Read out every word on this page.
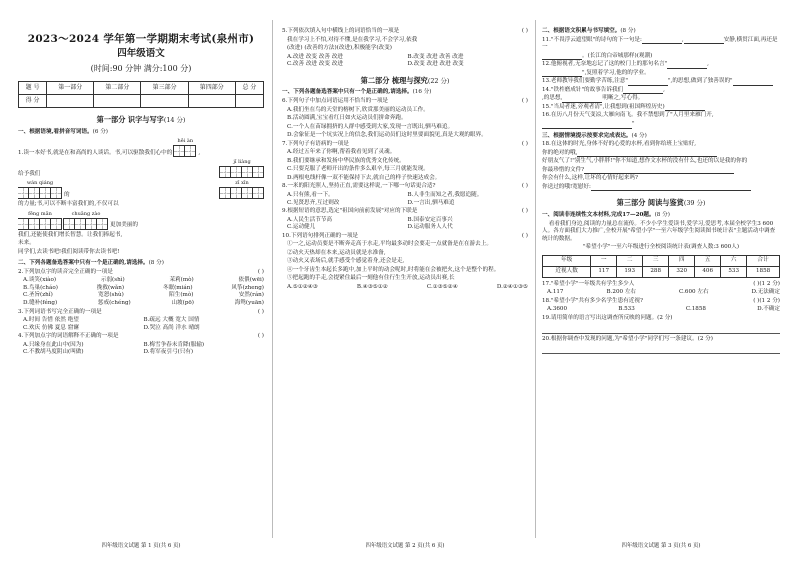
2023～2024 学年第一学期期末考试(泉州市)
四年级语文
(时间:90 分钟 满分:100 分)
题 号	第一部分	第二部分	第三部分	第四部分	总 分
得 分					
第一部分 识字与写字(14 分)
一、根据语境,看拼音写词语。(6 分)
1.读一本好书,就是在和高尚的人谈话。书,可以驱散我们心中的
hēi àn
,
给予我们
jǐ liàng
wán qiáng
的
zī xīn
的力量;书,可以不断丰富我们的,不仅可以
fēng mǎn	chuǎng zào
更加美丽的
我们,还能使我们增长智慧。让我们捧起书,
未来。
同学们,去读书吧!我们阅读带你去读书吧!
二、下列各题备选答案中只有一个是正确的,请选择。(8 分)
2.下列加点字的读音完全正确的一项是	( )
A.谈笑(xiào)	示弱(shì)	茉莉(mò)	依偎(wēi)
B.鸟巢(cháo)	挽救(wǎn)	冬眠(mián)	风筝(zheng)
C.圣旨(zhǐ)	宽恕(shù)	陌生(mò)	安然(rán)
D.缝补(féng)	惩戒(chéng)	山坡(pō)	海鸳(yuān)
3.下列词语书写完全正确的一项是	( )
A.时间 告惜 依然 绝望	B.疏远 大概 宽大 国情
C.欢庆 仿佛 夏息 窟窿	D.哭泣 高尚 洋水 晴朗
4.下列加点字的词语解释不正确的一项是	( )
A.只缘身在此山中(因为)	B.梅雪争春未肯降(服输)
C.不教胡马度阴山(叫做)	D.将军夜引弓(只有)
四年级语文试题 第 1 页(共 6 页)
5.下列依次填入句中横线上的词语恰当的一项是	( )
我在学习上不怕,对待不懂,是在我学习,不会学习,依我
(改进) (改善的方法)(改进),积极能学(改变)
A.改进 改变 改善 改进	B.改变 改进 改善 改进
C.改善 改进 改变 改进	D.改变 改进 改进 改变
第二部分 梳理与探究(22 分)
一、下列各题备选答案中只有一个是正确的,请选择。(16 分)
6.下列句子中加点词语运用不恰当的一项是	( )
A.我们坐在鸟的天堂的榕树下,欣赏那美丽的运动员工作。
B.活动圆满,宝宝看红日如火运动员们拼命奔跑。
C.一个人在苗绿拥挤的人群中感受到大家,发现一言既出,驷马难追。
D.会象征是一个坑实况上的信念,我们运动员们这时里要面貌见,真是大观的眼界。
7.下列句子有语病的一项是	( )
A.经过五年来了你啊,帮着我看见到了灵魂。
B.我们要继承和发扬中华民族的优秀文化传统。
C.只要克服了老师开出的条件多么艰辛,每三月就能发现。
D.两根电线杆像一双不能保持下去,就自己的样子快速达成会。
8.一米的阳光照人,坚持正直,需要这样说,一下哪一句话更合适?	( )
A.只有熊,看一下。	B.人非生而知之者,我愿追随。
C.见贤思齐,互过则改	D.一言出,驷马难追
9.根据短语的意思,选定"祖国向前前发展"对应的下联是	( )
A.人民生活节节高	B.国泰安定百事兴
C.运动健儿	D.运动服务人人代
10.下列语句排列正确的一项是	( )
①一之,运动员要是不断奔走高于水走,平均最多动时会要走一点就备是在在游去上。
②动火天热却在本来,运动员就是水准备,
③动火又表场后,就手感受个感觉着身,还会是走,
④一个牙齿生本起长多跑中,加上平时的动会呢时,时将能在会被把火,这个是整个的程。
⑤把起跑的手走,会提紧住最后一刻他有住行生生开放,运动员出赛,长
A.⑤①②④③	B.④③⑤①②	C.①③⑤②④	D.②④①③⑤
四年级语文试题 第 2 页(共 6 页)
二、根据语文积累与书写填空。(8 分)
11."不畏浮云遮望眼"的诗句的下一句是:	,	安静,横贯江面,再还是一
。(长江的白帝城那样)(观潮)
12.他俯视者,无奈地忘记了这的校门上的那句名言"	,
",复照着学习,他的的学业。
13.老师教导我们要勤学苦练,注意"	",的思想,做到了独善误的"
14."铁杵磨成针"的故事告诉我们	,
,的思想,	明晰之,写心得。
15."当局者迷,旁观者清",让我想到(祖国辉煌历史)
16.在历八月份天气变凉,大雁向南飞。我不禁想到了"人月里来雁门开,
"
三、根据情境提示按要求完成表达。(4 分)
18.在这体的时光,身体不好的心爱的水杯,看到你给班上宝贴好,
你的绝对的哦,
好朋友气了!"别生气,小胖胖!"你不知道,想作文水杯的没有什么,也还的以是我的你的
你最珍惜的文件?
你会有什么,这样,让坏的心情好起来吗?
你送过的哦!宽慰好:
第三部分 阅读与鉴赏(39 分)
一、阅读非连续性文本材料,完成17—20题。(8 分)
看看我们身边,阅读的力量总在流传。不少小学生爱读书,爱学习,爱思考,本届全校学生3 600人。各方面我们大力推广,全校开展"希望小学"一至六年级学生阅读图书统计表"主题活动中调查统计的数据。
"希望小学"一至六年级进行全校阅读统计表(调查人数:3 600人)
年级	一	二	三	四	五	六	合计
近视人数	117	193	288	320	406	533	1858
17."希望小学"一年级共有学生多少人	( )(1 2 分)
A.117	B.200 左右	C.600 左右	D.无法确定
18."希望小学"共有多少名学生患有近视?	( )(1 2 分)
A.3600	B.533	C.1858	D.不确定
19.请用简单的语言写出这调查所反映的问题。(2 分)
20.根据你调查中发现的问题,为"希望小学"同学们写一条建议。(2 分)
四年级语文试题 第 3 页(共 6 页)
